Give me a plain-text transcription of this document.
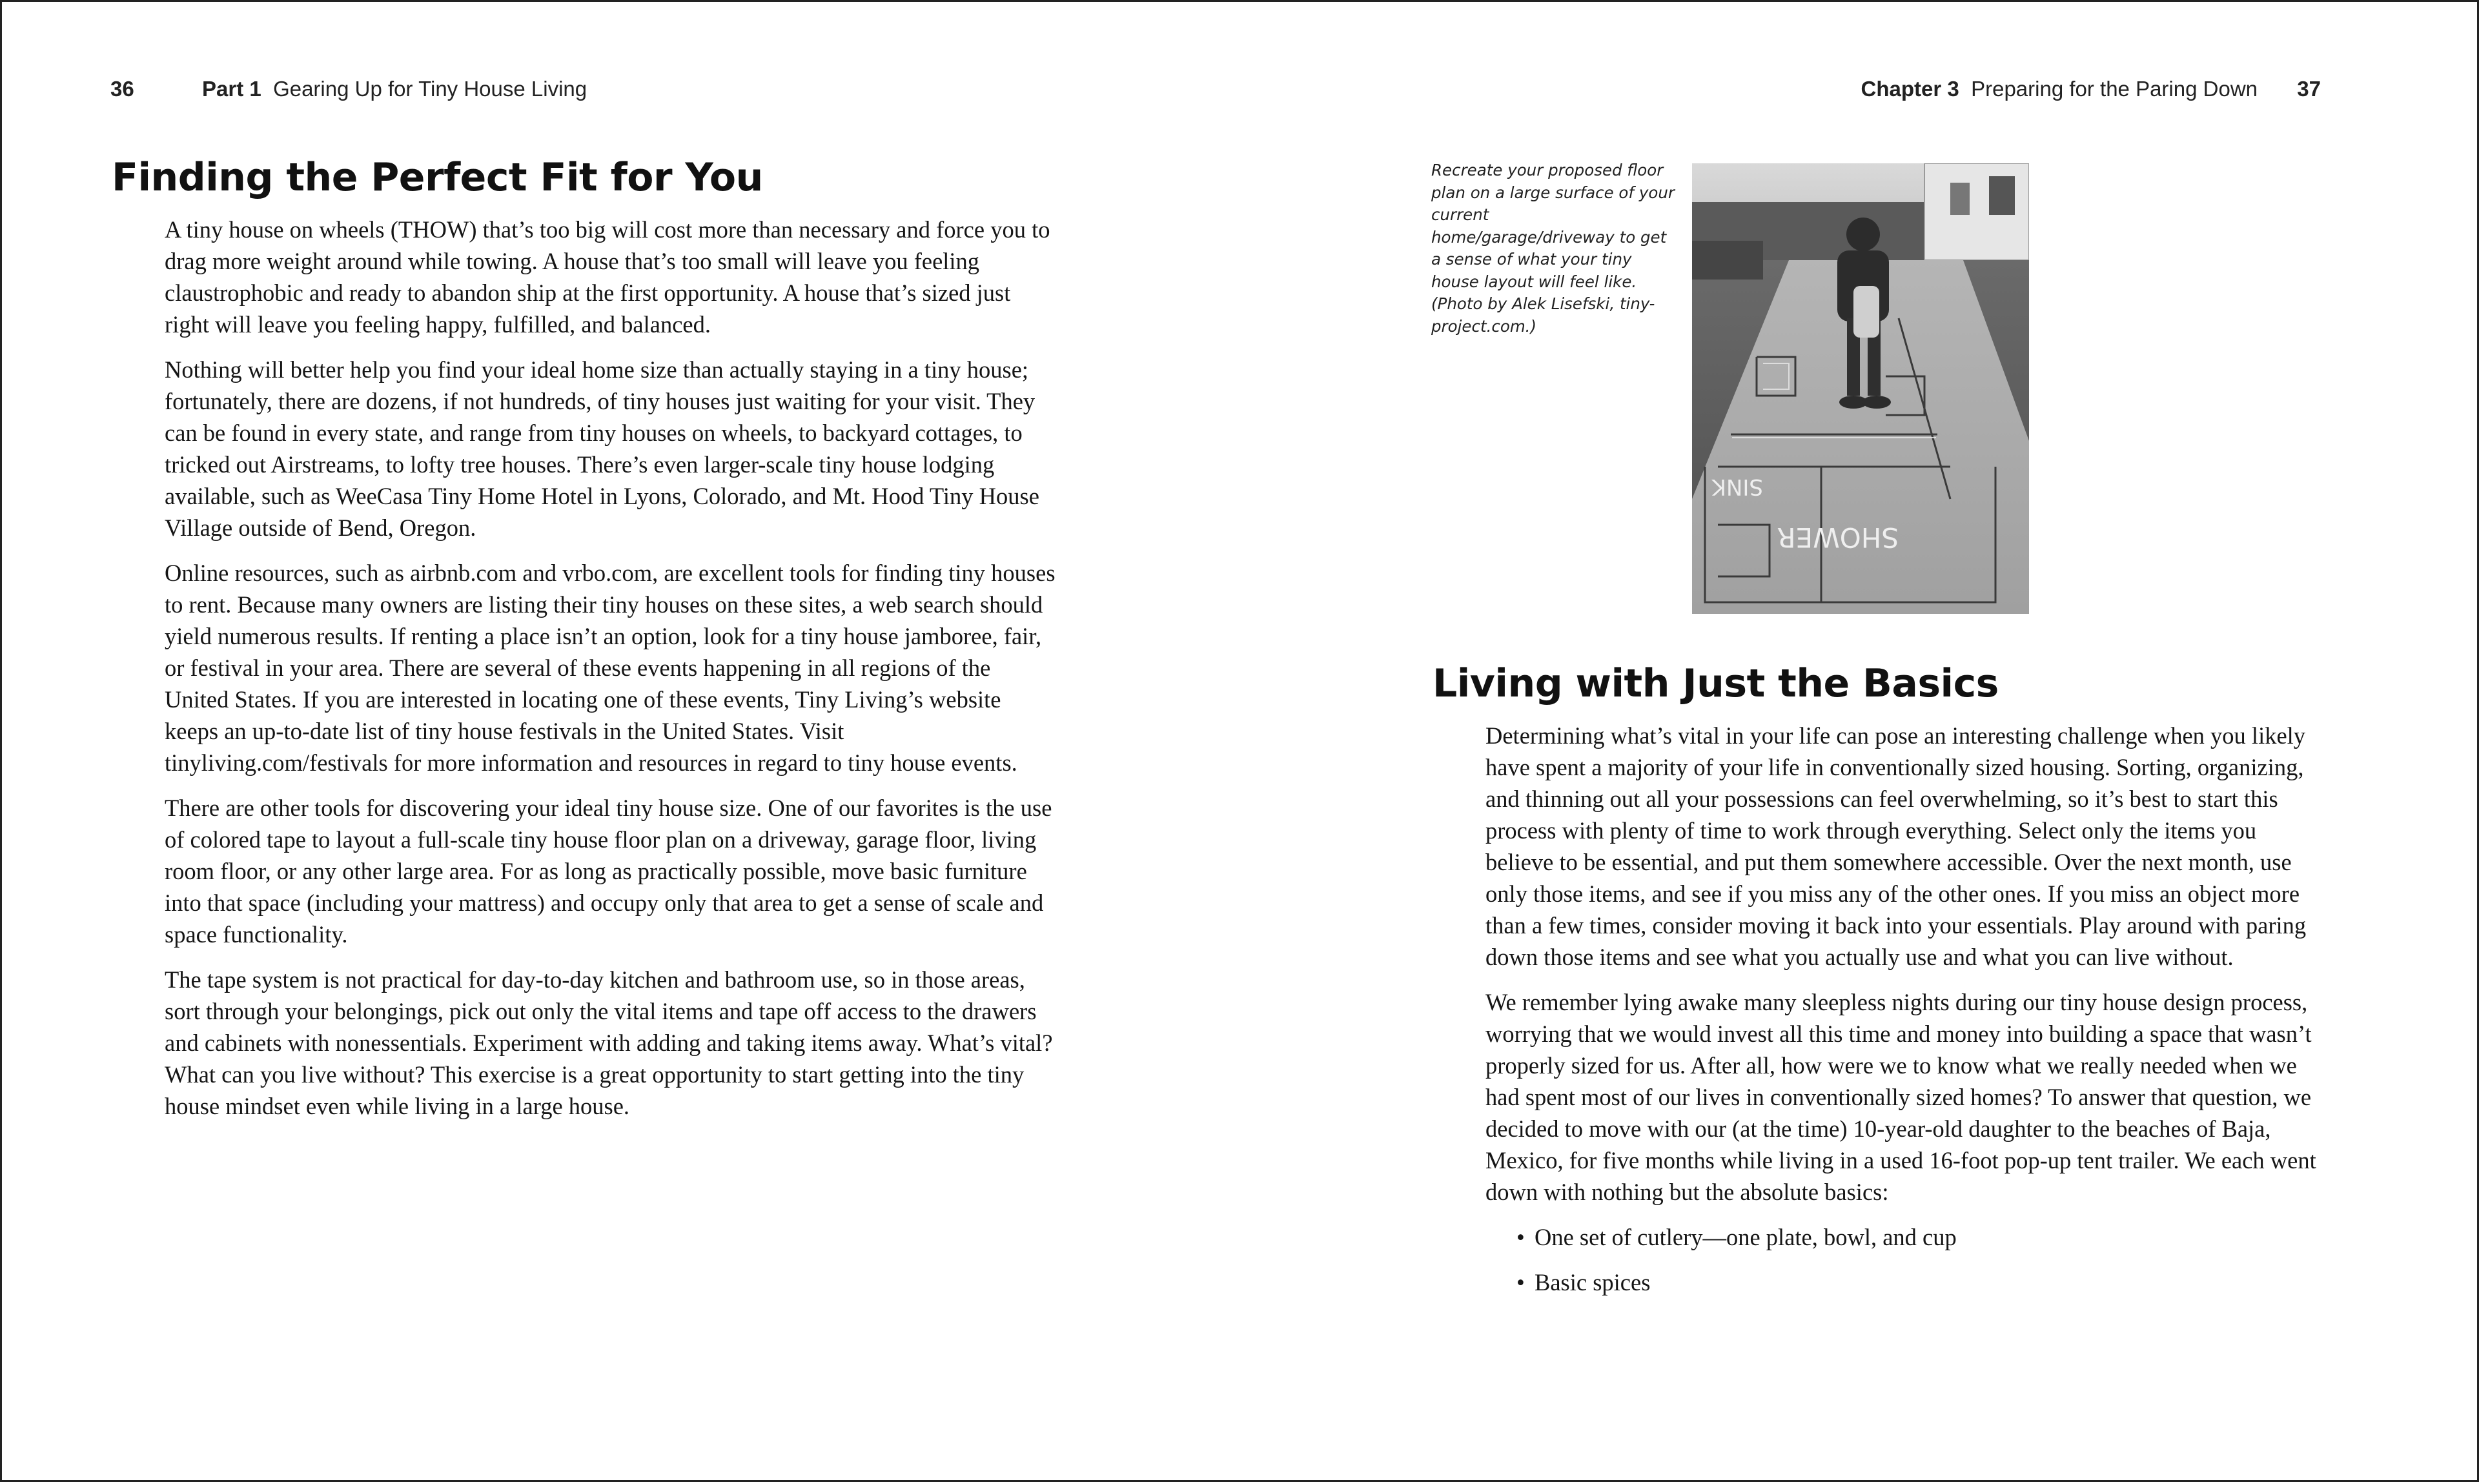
36	Part 1 Gearing Up for Tiny House Living
Finding the Perfect Fit for You

A tiny house on wheels (THOW) that’s too big will cost more than necessary and force you to drag more weight around while towing. A house that’s too small will leave you feeling claustrophobic and ready to abandon ship at the first opportunity. A house that’s sized just right will leave you feeling happy, fulfilled, and balanced.

Nothing will better help you find your ideal home size than actually staying in a tiny house; fortunately, there are dozens, if not hundreds, of tiny houses just waiting for your visit. They can be found in every state, and range from tiny houses on wheels, to backyard cottages, to tricked out Airstreams, to lofty tree houses. There’s even larger-scale tiny house lodging available, such as WeeCasa Tiny Home Hotel in Lyons, Colorado, and Mt. Hood Tiny House Village outside of Bend, Oregon.

Online resources, such as airbnb.com and vrbo.com, are excellent tools for finding tiny houses to rent. Because many owners are listing their tiny houses on these sites, a web search should yield numerous results. If renting a place isn’t an option, look for a tiny house jamboree, fair, or festival in your area. There are several of these events happening in all regions of the United States. If you are interested in locating one of these events, Tiny Living’s website keeps an up-to-date list of tiny house festivals in the United States. Visit tinyliving.com/festivals for more information and resources in regard to tiny house events.

There are other tools for discovering your ideal tiny house size. One of our favorites is the use of colored tape to layout a full-scale tiny house floor plan on a driveway, garage floor, living room floor, or any other large area. For as long as practically possible, move basic furniture into that space (including your mattress) and occupy only that area to get a sense of scale and space functionality.

The tape system is not practical for day-to-day kitchen and bathroom use, so in those areas, sort through your belongings, pick out only the vital items and tape off access to the drawers and cabinets with nonessentials. Experiment with adding and taking items away. What’s vital? What can you live without? This exercise is a great opportunity to start getting into the tiny house mindset even while living in a large house.

Chapter 3 Preparing for the Paring Down 37
Recreate your proposed floor plan on a large surface of your current home/garage/driveway to get a sense of what your tiny house layout will feel like. (Photo by Alek Lisefski, tiny-project.com.)
SINK
SHOWER
Living with Just the Basics

Determining what’s vital in your life can pose an interesting challenge when you likely have spent a majority of your life in conventionally sized housing. Sorting, organizing, and thinning out all your possessions can feel overwhelming, so it’s best to start this process with plenty of time to work through everything. Select only the items you believe to be essential, and put them somewhere accessible. Over the next month, use only those items, and see if you miss any of the other ones. If you miss an object more than a few times, consider moving it back into your essentials. Play around with paring down those items and see what you actually use and what you can live without.

We remember lying awake many sleepless nights during our tiny house design process, worrying that we would invest all this time and money into building a space that wasn’t properly sized for us. After all, how were we to know what we really needed when we had spent most of our lives in conventionally sized homes? To answer that question, we decided to move with our (at the time) 10-year-old daughter to the beaches of Baja, Mexico, for five months while living in a used 16-foot pop-up tent trailer. We each went down with nothing but the absolute basics:

• One set of cutlery—one plate, bowl, and cup
• Basic spices
